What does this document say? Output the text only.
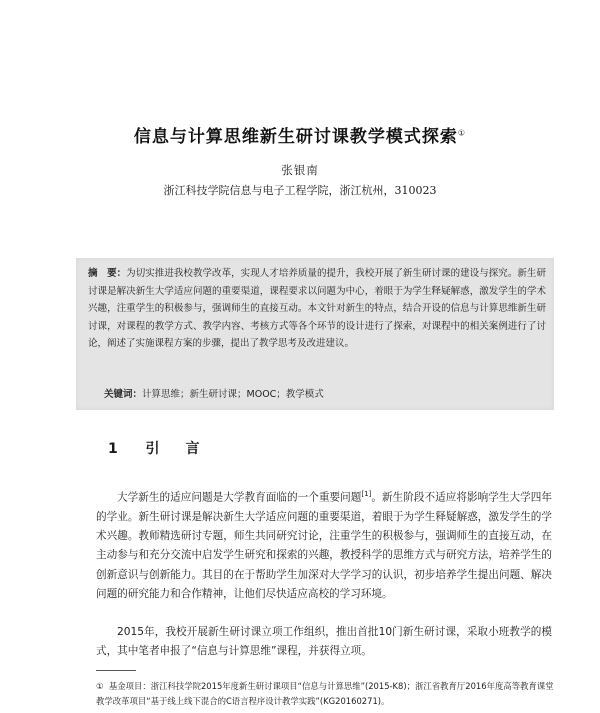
信息与计算思维新生研讨课教学模式探索①
张银南
浙江科技学院信息与电子工程学院，浙江杭州，310023
摘　要：为切实推进我校教学改革，实现人才培养质量的提升，我校开展了新生研讨课的建设与探究。新生研讨课是解决新生大学适应问题的重要渠道，课程要求以问题为中心，着眼于为学生释疑解惑，激发学生的学术兴趣，注重学生的积极参与，强调师生的直接互动。本文针对新生的特点，结合开设的信息与计算思维新生研讨课，对课程的教学方式、教学内容、考核方式等各个环节的设计进行了探索，对课程中的相关案例进行了讨论，阐述了实施课程方案的步骤，提出了教学思考及改进建议。
关键词：计算思维；新生研讨课；MOOC；教学模式
1 引　言
大学新生的适应问题是大学教育面临的一个重要问题[1]。新生阶段不适应将影响学生大学四年的学业。新生研讨课是解决新生大学适应问题的重要渠道，着眼于为学生释疑解惑，激发学生的学术兴趣。教师精选研讨专题，师生共同研究讨论，注重学生的积极参与，强调师生的直接互动，在主动参与和充分交流中启发学生研究和探索的兴趣，教授科学的思维方式与研究方法，培养学生的创新意识与创新能力。其目的在于帮助学生加深对大学学习的认识，初步培养学生提出问题、解决问题的研究能力和合作精神，让他们尽快适应高校的学习环境。
2015年，我校开展新生研讨课立项工作组织，推出首批10门新生研讨课，采取小班教学的模式，其中笔者申报了“信息与计算思维”课程，并获得立项。
① 基金项目：浙江科技学院2015年度新生研讨课项目“信息与计算思维”(2015-K8)；浙江省教育厅2016年度高等教育课堂教学改革项目“基于线上线下混合的C语言程序设计教学实践”(KG20160271)。
